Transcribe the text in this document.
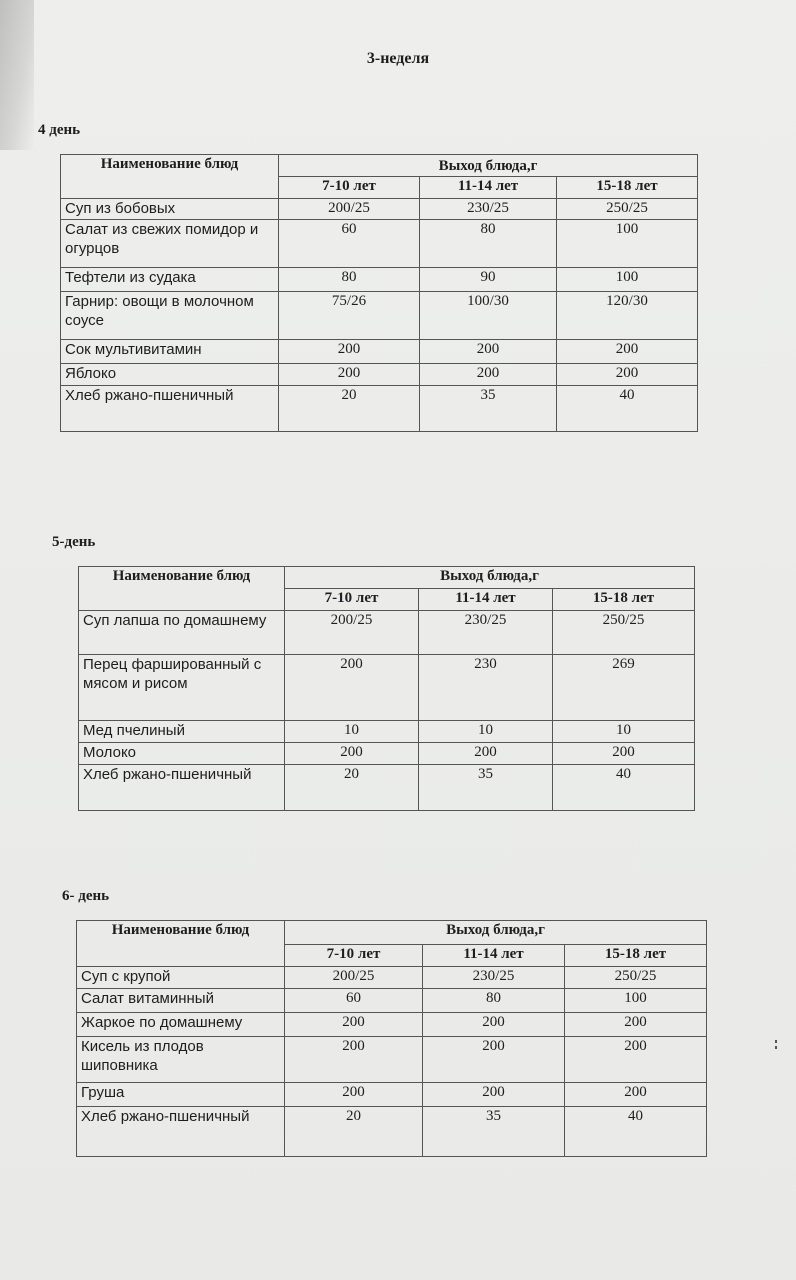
3-неделя
4 день
Наименование блюд	Выход блюда,г		
	7-10 лет	11-14 лет	15-18 лет
Суп из бобовых	200/25	230/25	250/25
Салат из свежих помидор и огурцов	60	80	100
Тефтели из судака	80	90	100
Гарнир: овощи в молочном соусе	75/26	100/30	120/30
Сок мультивитамин	200	200	200
Яблоко	200	200	200
Хлеб ржано-пшеничный	20	35	40
5-день
Наименование блюд	Выход блюда,г		
	7-10 лет	11-14 лет	15-18 лет
Суп лапша по домашнему	200/25	230/25	250/25
Перец фаршированный с мясом и рисом	200	230	269
Мед пчелиный	10	10	10
Молоко	200	200	200
Хлеб ржано-пшеничный	20	35	40
6- день
Наименование блюд	Выход блюда,г		
	7-10 лет	11-14 лет	15-18 лет
Суп с крупой	200/25	230/25	250/25
Салат витаминный	60	80	100
Жаркое по домашнему	200	200	200
Кисель из плодов шиповника	200	200	200
Груша	200	200	200
Хлеб ржано-пшеничный	20	35	40
